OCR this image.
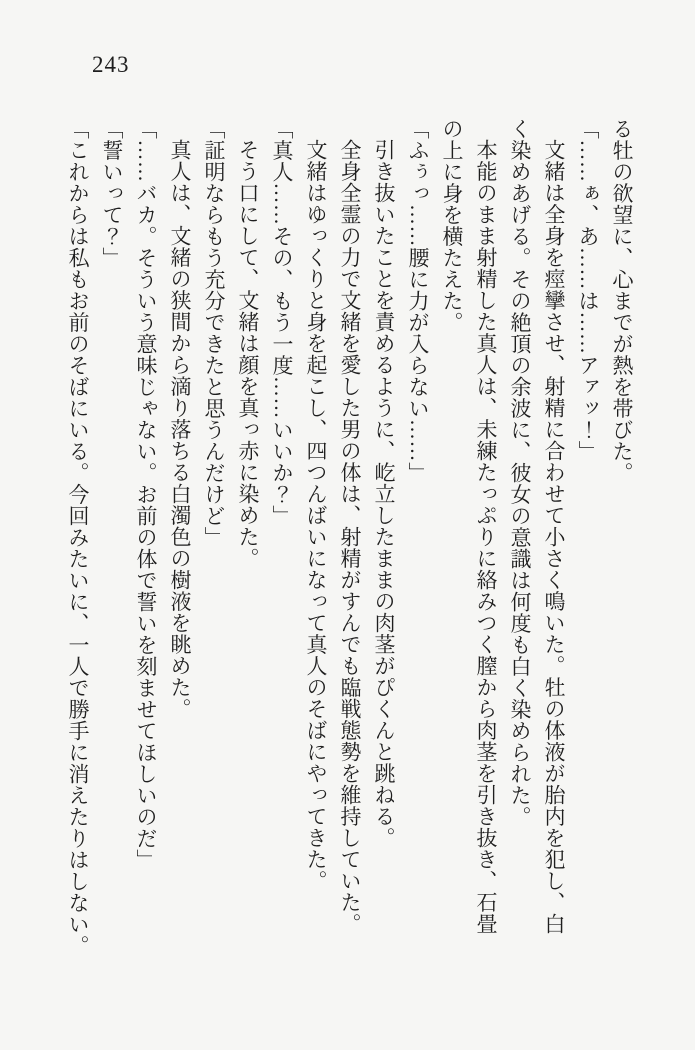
243

る牡の欲望に、心までが熱を帯びた。

「……ぁ、あ……は……アァッ！」

文緒は全身を痙攣させ、射精に合わせて小さく鳴いた。牡の体液が胎内を犯し、白

く染めあげる。その絶頂の余波に、彼女の意識は何度も白く染められた。

本能のまま射精した真人は、未練たっぷりに絡みつく膣から肉茎を引き抜き、石畳

の上に身を横たえた。

「ふぅっ……腰に力が入らない……」

引き抜いたことを責めるように、屹立したままの肉茎がぴくんと跳ねる。

全身全霊の力で文緒を愛した男の体は、射精がすんでも臨戦態勢を維持していた。

文緒はゆっくりと身を起こし、四つんばいになって真人のそばにやってきた。

「真人……その、もう一度……いいか？」

そう口にして、文緒は顔を真っ赤に染めた。

「証明ならもう充分できたと思うんだけど」

真人は、文緒の狭間から滴り落ちる白濁色の樹液を眺めた。

「……バカ。そういう意味じゃない。お前の体で誓いを刻ませてほしいのだ」

「誓いって？」

「これからは私もお前のそばにいる。今回みたいに、一人で勝手に消えたりはしない。
